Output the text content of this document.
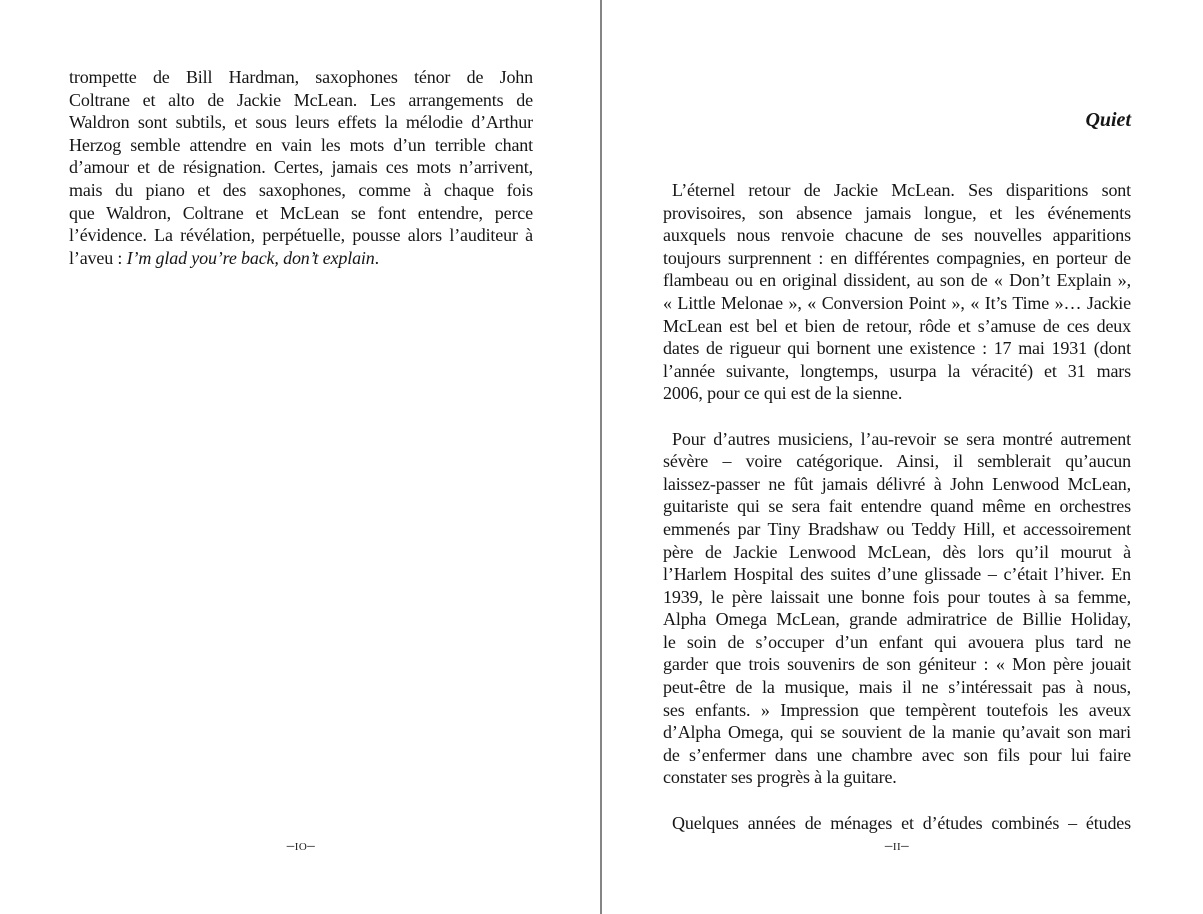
trompette de Bill Hardman, saxophones ténor de John
Coltrane et alto de Jackie McLean. Les arrangements de
Waldron sont subtils, et sous leurs effets la mélodie d’Arthur
Herzog semble attendre en vain les mots d’un terrible chant
d’amour et de résignation. Certes, jamais ces mots n’arrivent,
mais du piano et des saxophones, comme à chaque fois
que Waldron, Coltrane et McLean se font entendre, perce
l’évidence. La révélation, perpétuelle, pousse alors l’auditeur à
l’aveu : I’m glad you’re back, don’t explain.
–io–
Quiet
L’éternel retour de Jackie McLean. Ses disparitions sont
provisoires, son absence jamais longue, et les événements
auxquels nous renvoie chacune de ses nouvelles apparitions
toujours surprennent : en différentes compagnies, en porteur de
flambeau ou en original dissident, au son de « Don’t Explain »,
« Little Melonae », « Conversion Point », « It’s Time »… Jackie
McLean est bel et bien de retour, rôde et s’amuse de ces deux
dates de rigueur qui bornent une existence : 17 mai 1931 (dont
l’année suivante, longtemps, usurpa la véracité) et 31 mars
2006, pour ce qui est de la sienne.
Pour d’autres musiciens, l’au-revoir se sera montré autrement
sévère – voire catégorique. Ainsi, il semblerait qu’aucun
laissez-passer ne fût jamais délivré à John Lenwood McLean,
guitariste qui se sera fait entendre quand même en orchestres
emmenés par Tiny Bradshaw ou Teddy Hill, et accessoirement
père de Jackie Lenwood McLean, dès lors qu’il mourut à
l’Harlem Hospital des suites d’une glissade – c’était l’hiver. En
1939, le père laissait une bonne fois pour toutes à sa femme,
Alpha Omega McLean, grande admiratrice de Billie Holiday,
le soin de s’occuper d’un enfant qui avouera plus tard ne
garder que trois souvenirs de son géniteur : « Mon père jouait
peut-être de la musique, mais il ne s’intéressait pas à nous,
ses enfants. » Impression que tempèrent toutefois les aveux
d’Alpha Omega, qui se souvient de la manie qu’avait son mari
de s’enfermer dans une chambre avec son fils pour lui faire
constater ses progrès à la guitare.
Quelques années de ménages et d’études combinés – études
–ii–
